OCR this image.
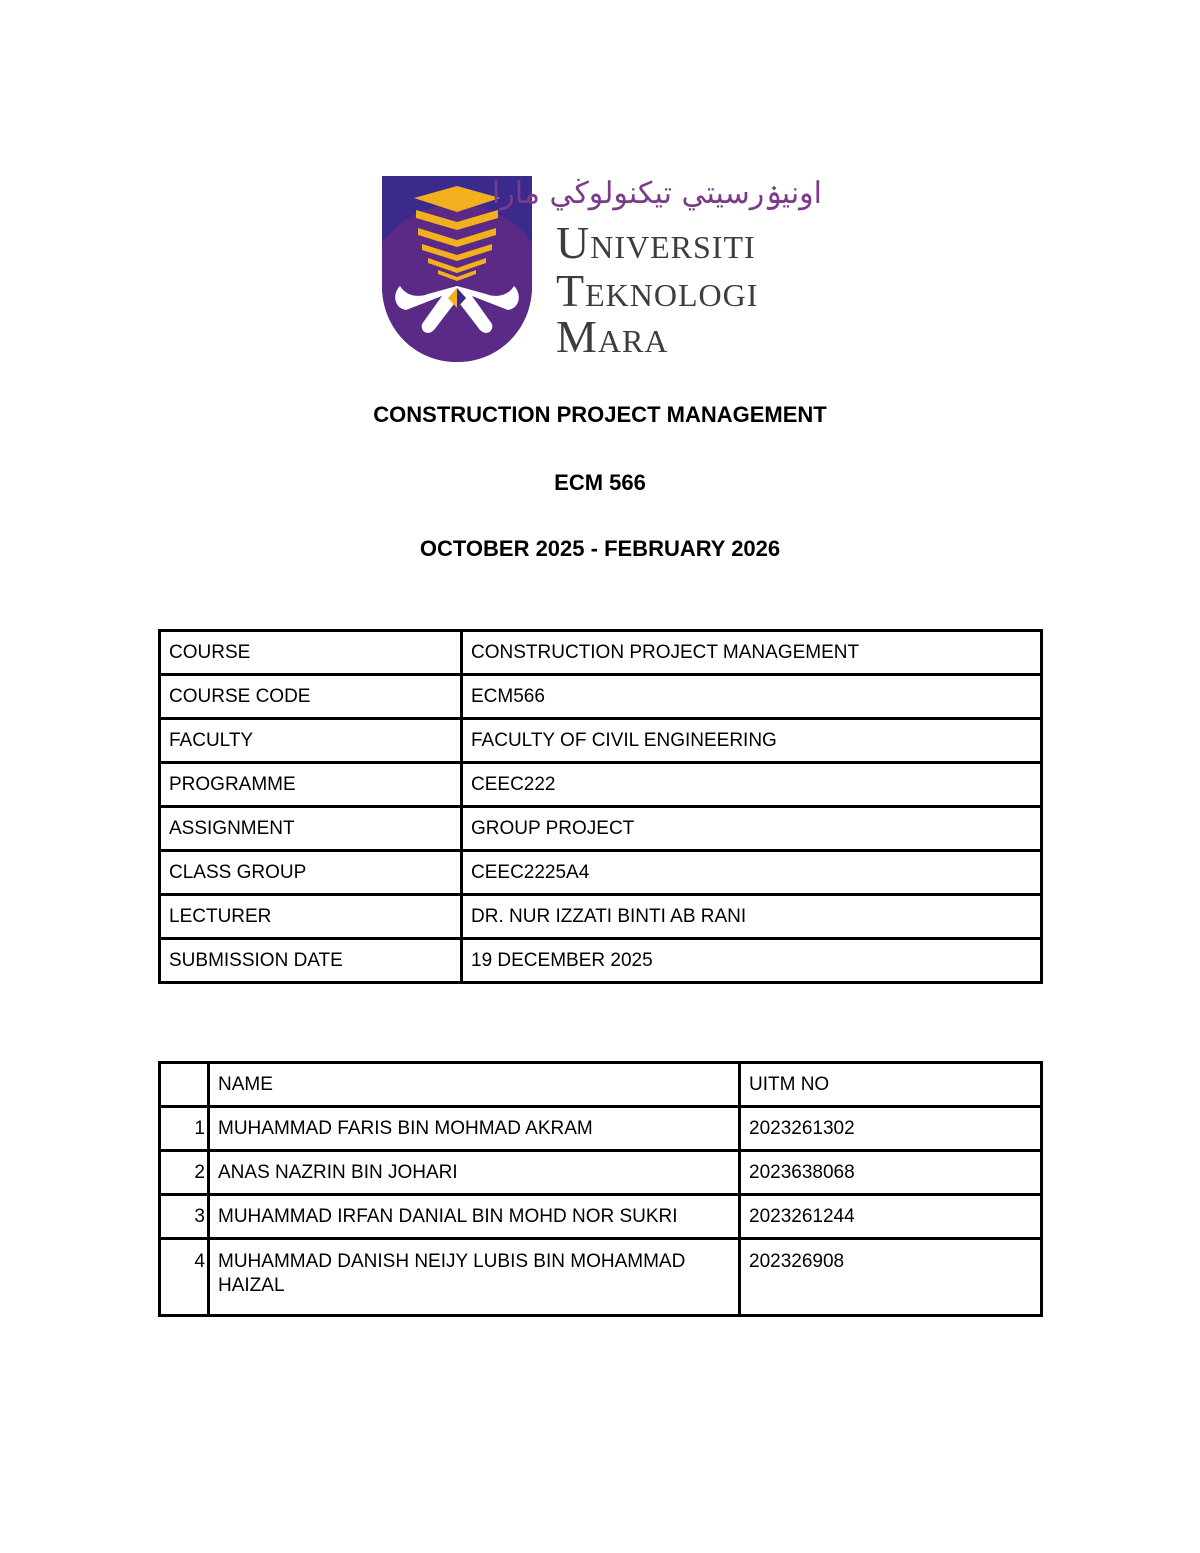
اونيۏرسيتي تيكنولوڬي مارا
Universiti
Teknologi
Mara
CONSTRUCTION PROJECT MANAGEMENT
ECM 566
OCTOBER 2025 - FEBRUARY 2026
COURSE	CONSTRUCTION PROJECT MANAGEMENT
COURSE CODE	ECM566
FACULTY	FACULTY OF CIVIL ENGINEERING
PROGRAMME	CEEC222
ASSIGNMENT	GROUP PROJECT
CLASS GROUP	CEEC2225A4
LECTURER	DR. NUR IZZATI BINTI AB RANI
SUBMISSION DATE	19 DECEMBER 2025
	NAME	UITM NO
1	MUHAMMAD FARIS BIN MOHMAD AKRAM	2023261302
2	ANAS NAZRIN BIN JOHARI	2023638068
3	MUHAMMAD IRFAN DANIAL BIN MOHD NOR SUKRI	2023261244
4	MUHAMMAD DANISH NEIJY LUBIS BIN MOHAMMAD HAIZAL	202326908
